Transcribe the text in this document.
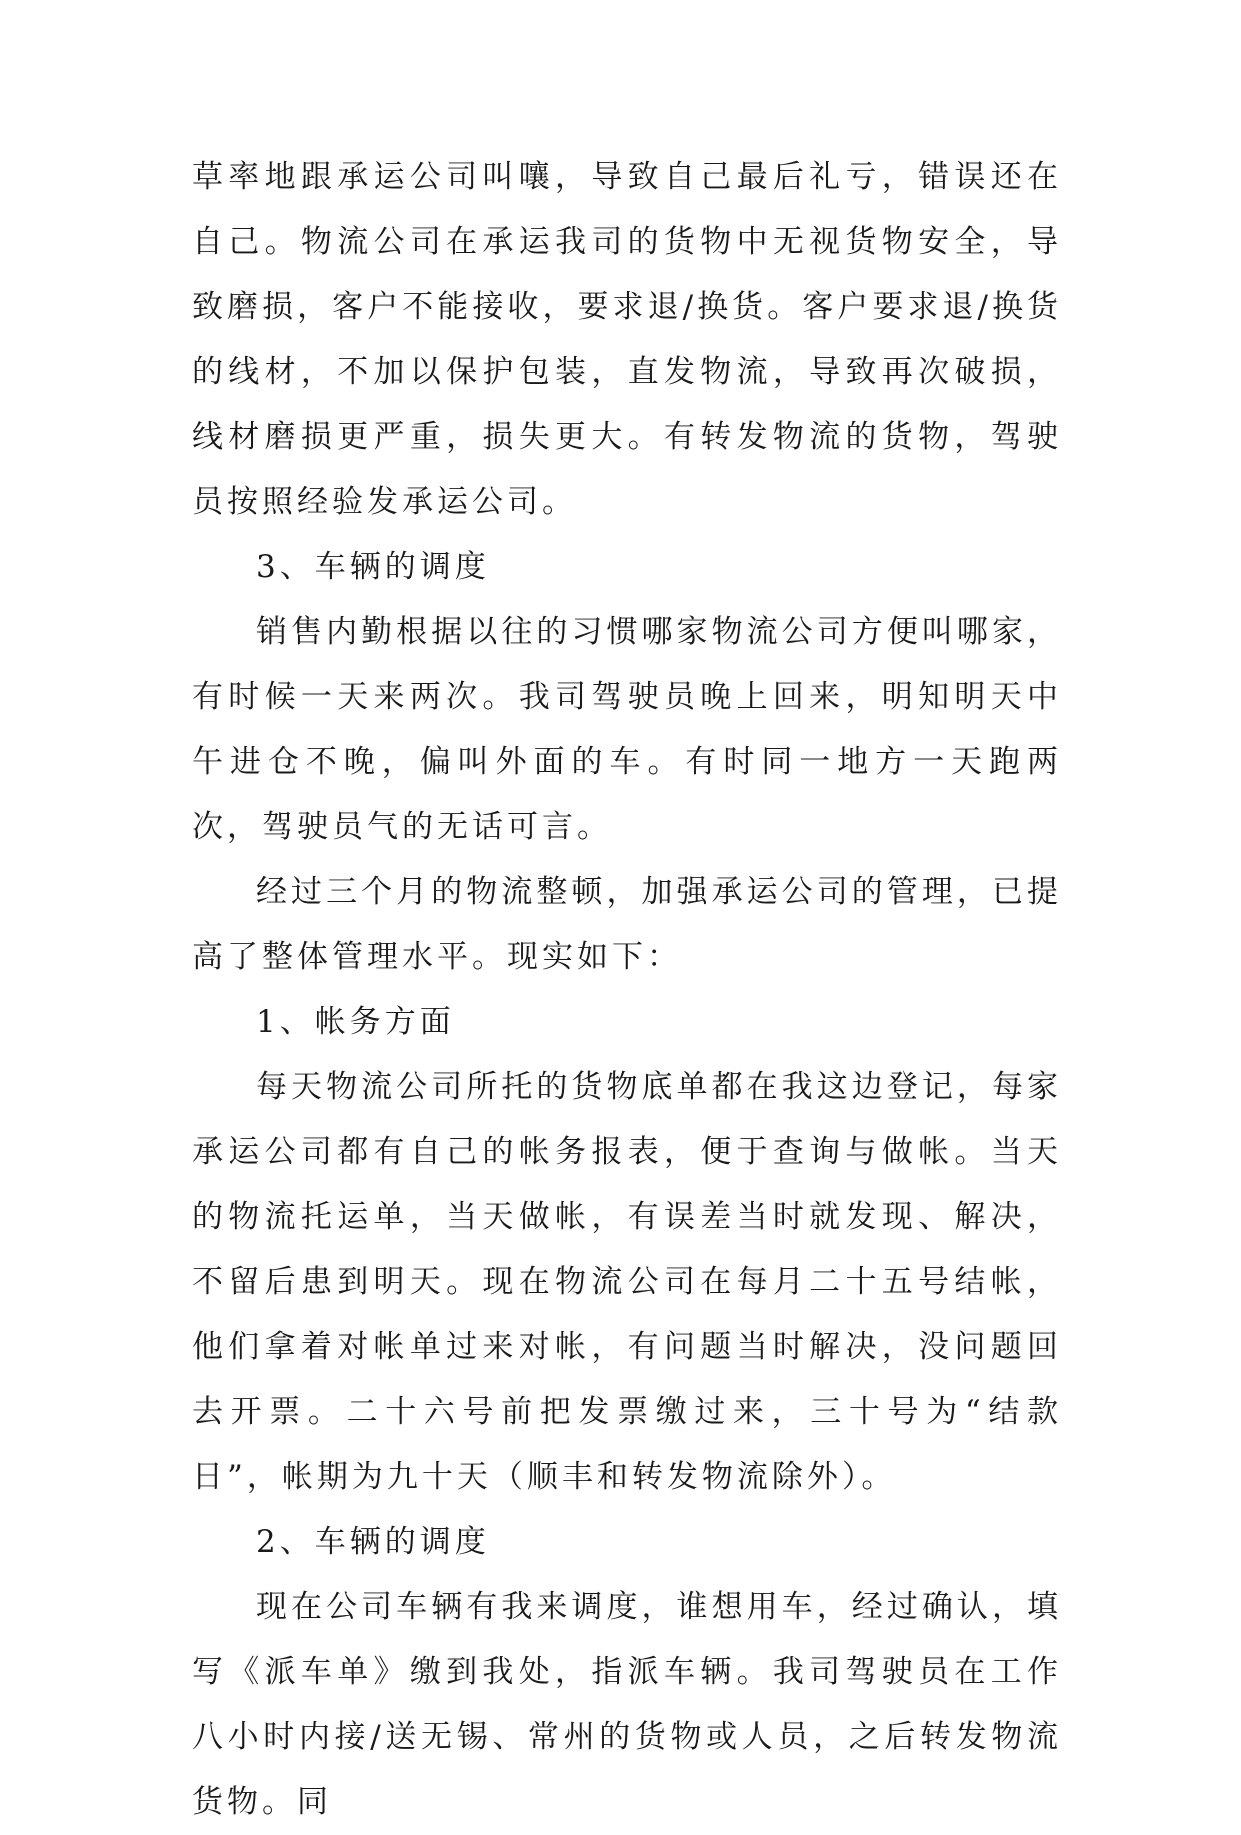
草率地跟承运公司叫嚷，导致自己最后礼亏，错误还在自己。物流公司在承运我司的货物中无视货物安全，导致磨损，客户不能接收，要求退/换货。客户要求退/换货的线材，不加以保护包装，直发物流，导致再次破损，线材磨损更严重，损失更大。有转发物流的货物，驾驶员按照经验发承运公司。

3、车辆的调度

销售内勤根据以往的习惯哪家物流公司方便叫哪家，有时候一天来两次。我司驾驶员晚上回来，明知明天中午进仓不晚，偏叫外面的车。有时同一地方一天跑两次，驾驶员气的无话可言。

经过三个月的物流整顿，加强承运公司的管理，已提高了整体管理水平。现实如下：

1、帐务方面

每天物流公司所托的货物底单都在我这边登记，每家承运公司都有自己的帐务报表，便于查询与做帐。当天的物流托运单，当天做帐，有误差当时就发现、解决，不留后患到明天。现在物流公司在每月二十五号结帐，他们拿着对帐单过来对帐，有问题当时解决，没问题回去开票。二十六号前把发票缴过来，三十号为“结款日”，帐期为九十天（顺丰和转发物流除外）。

2、车辆的调度

现在公司车辆有我来调度，谁想用车，经过确认，填写《派车单》缴到我处，指派车辆。我司驾驶员在工作八小时内接/送无锡、常州的货物或人员，之后转发物流货物。同
